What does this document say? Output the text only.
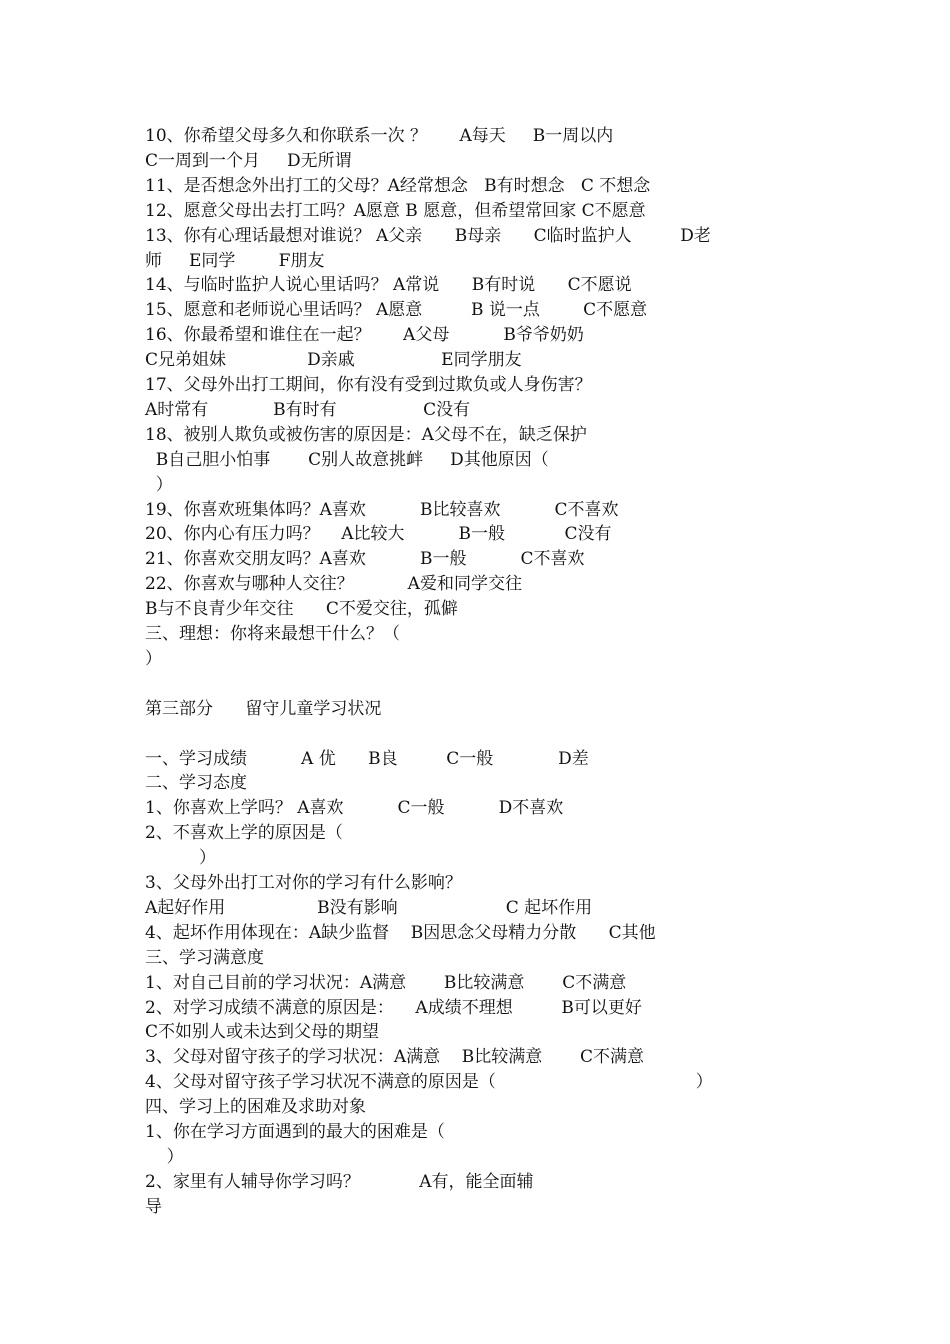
10、你希望父母多久和你联系一次 ？      A每天     B一周以内
C一周到一个月     D无所谓
11、是否想念外出打工的父母？A经常想念   B有时想念   C 不想念
12、愿意父母出去打工吗？A愿意 B 愿意，但希望常回家 C不愿意
13、你有心理话最想对谁说？ A父亲      B母亲      C临时监护人         D老
师     E同学        F朋友
14、与临时监护人说心里话吗？ A常说      B有时说      C不愿说
15、愿意和老师说心里话吗？ A愿意         B 说一点        C不愿意
16、你最希望和谁住在一起？      A父母          B爷爷奶奶
C兄弟姐妹               D亲戚                E同学朋友
17、父母外出打工期间，你有没有受到过欺负或人身伤害？
A时常有            B有时有                C没有
18、被别人欺负或被伤害的原因是：A父母不在，缺乏保护
B自己胆小怕事       C别人故意挑衅     D其他原因（
）
19、你喜欢班集体吗？A喜欢          B比较喜欢          C不喜欢
20、你内心有压力吗？    A比较大          B一般           C没有
21、你喜欢交朋友吗？A喜欢          B一般          C不喜欢
22、你喜欢与哪种人交往？          A爱和同学交往
B与不良青少年交往      C不爱交往，孤僻
三、理想：你将来最想干什么？（
）
第三部分      留守儿童学习状况
一、学习成绩          A 优      B良         C一般            D差
二、学习态度
1、你喜欢上学吗？ A喜欢          C一般          D不喜欢
2、不喜欢上学的原因是（
）
3、父母外出打工对你的学习有什么影响？
A起好作用                 B没有影响                    C 起坏作用
4、起坏作用体现在：A缺少监督    B因思念父母精力分散      C其他
三、学习满意度
1、对自己目前的学习状况：A满意       B比较满意       C不满意
2、对学习成绩不满意的原因是：    A成绩不理想         B可以更好
C不如别人或未达到父母的期望
3、父母对留守孩子的学习状况：A满意    B比较满意       C不满意
4、父母对留守孩子学习状况不满意的原因是（                                     ）
四、学习上的困难及求助对象
1、你在学习方面遇到的最大的困难是（
）
2、家里有人辅导你学习吗？           A有，能全面辅
导
